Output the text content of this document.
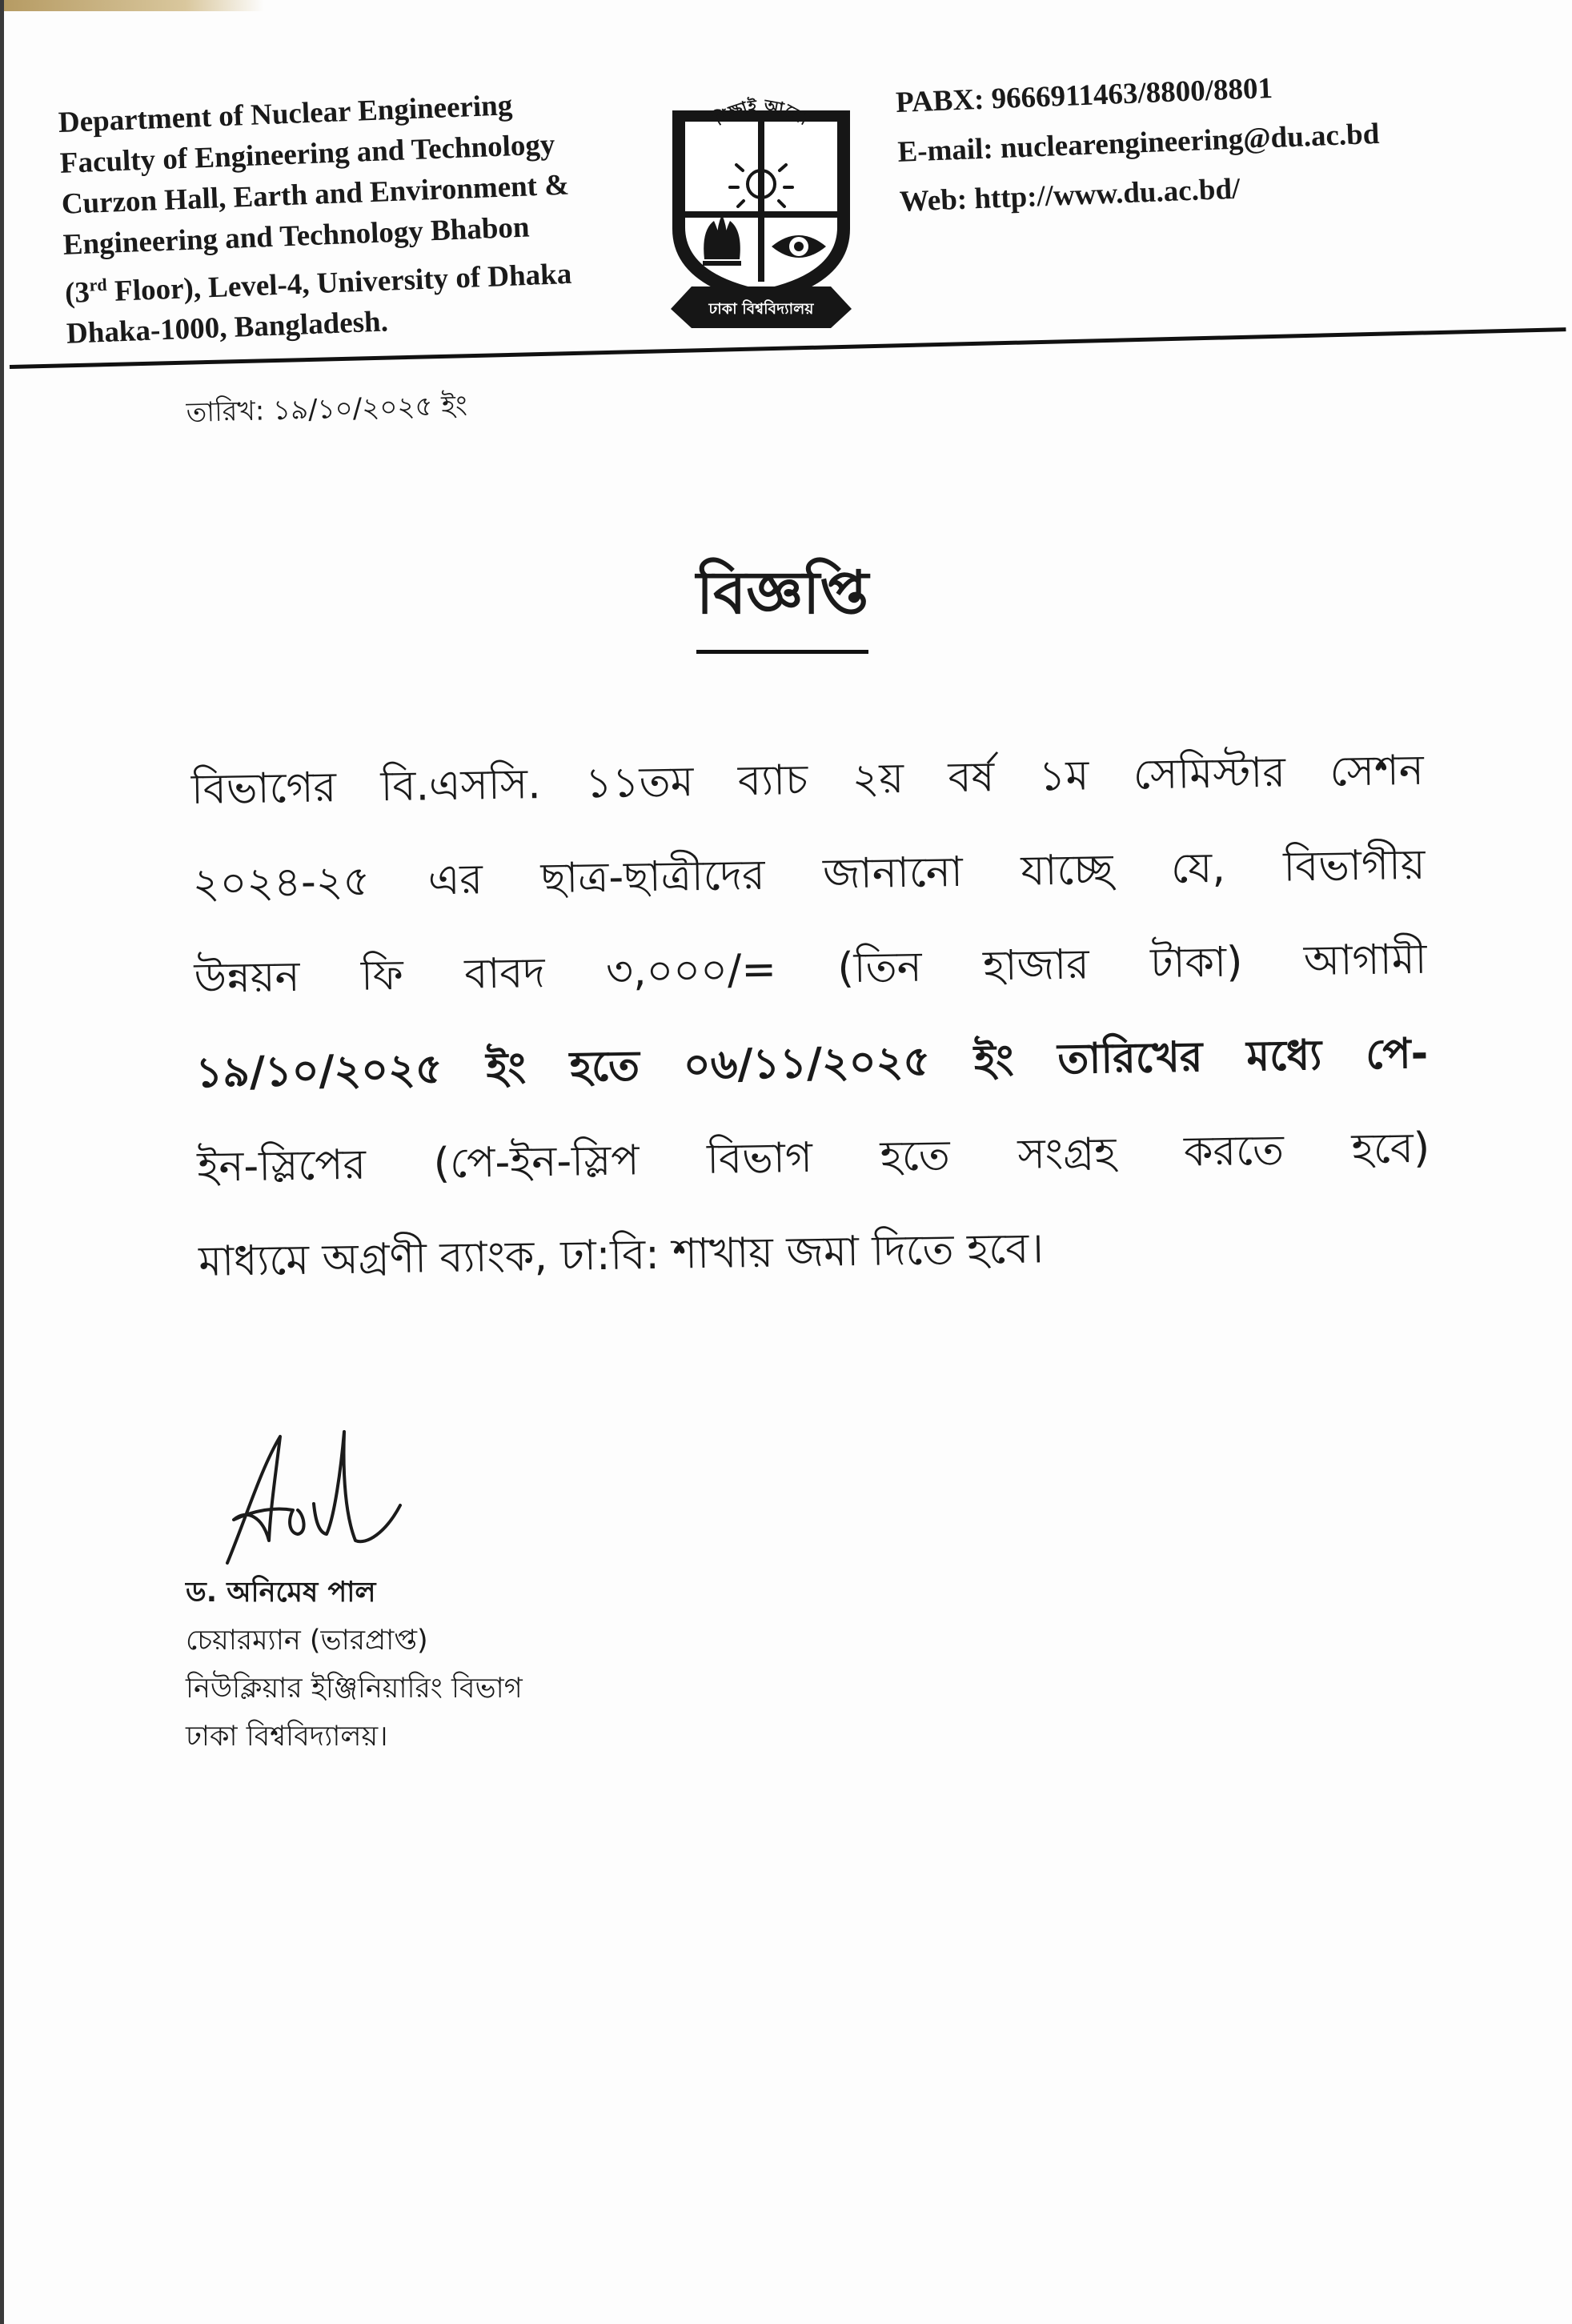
Department of Nuclear Engineering
Faculty of Engineering and Technology
Curzon Hall, Earth and Environment &
Engineering and Technology Bhabon
(3rd Floor), Level-4, University of Dhaka
Dhaka-1000, Bangladesh.
শিক্ষাই আলো
ঢাকা বিশ্ববিদ্যালয়
PABX: 9666911463/8800/8801
E-mail: nuclearengineering@du.ac.bd
Web: http://www.du.ac.bd/
তারিখ: ১৯/১০/২০২৫ ইং
বিজ্ঞপ্তি
বিভাগের বি.এসসি. ১১তম ব্যাচ ২য় বর্ষ ১ম সেমিস্টার সেশন
২০২৪-২৫ এর ছাত্র-ছাত্রীদের জানানো যাচ্ছে যে, বিভাগীয়
উন্নয়ন ফি বাবদ ৩,০০০/= (তিন হাজার টাকা) আগামী
১৯/১০/২০২৫ ইং হতে ০৬/১১/২০২৫ ইং তারিখের মধ্যে পে-
ইন-স্লিপের (পে-ইন-স্লিপ বিভাগ হতে সংগ্রহ করতে হবে)
মাধ্যমে অগ্রণী ব্যাংক, ঢা:বি: শাখায় জমা দিতে হবে।
ড. অনিমেষ পাল
চেয়ারম্যান (ভারপ্রাপ্ত)
নিউক্লিয়ার ইঞ্জিনিয়ারিং বিভাগ
ঢাকা বিশ্ববিদ্যালয়।
